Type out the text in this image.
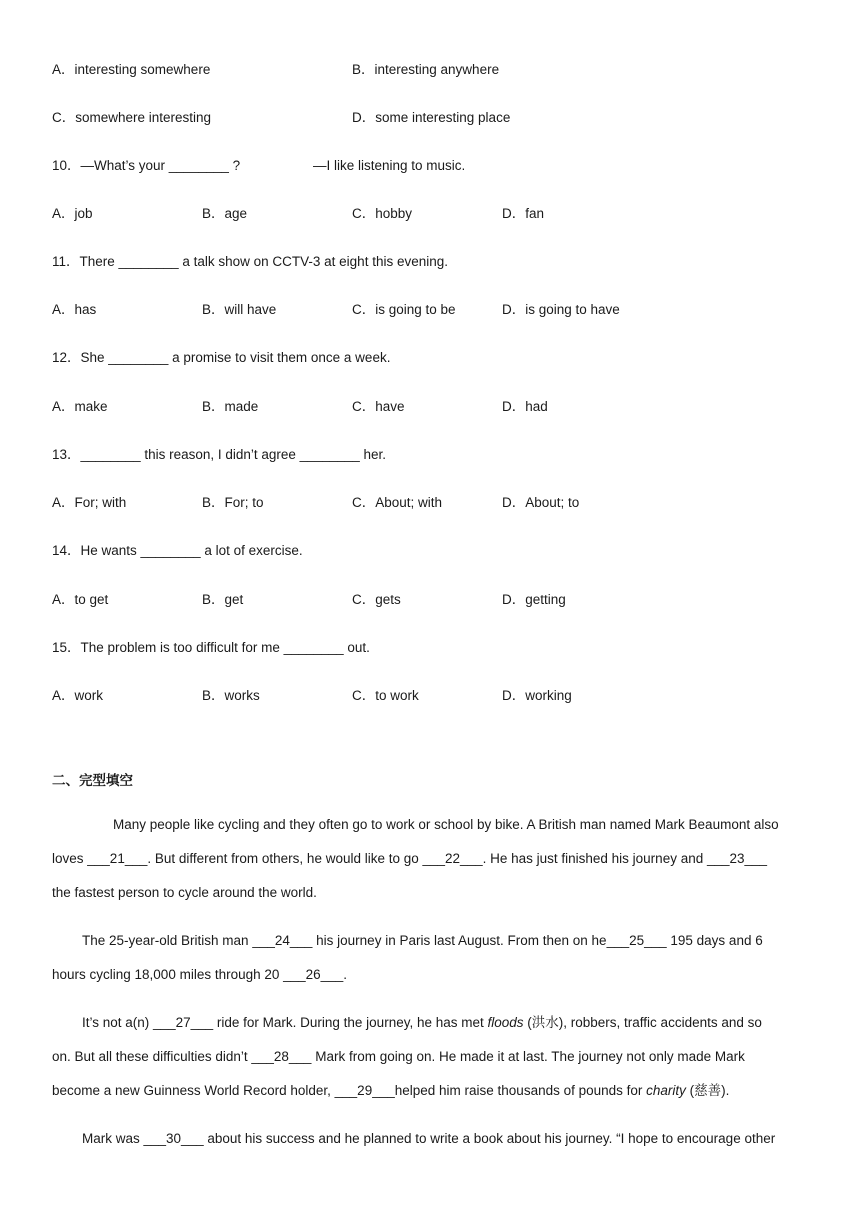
A．interesting somewhere	B．interesting anywhere
C．somewhere interesting	D．some interesting place
10．—What’s your ________ ?	—I like listening to music.
A．job	B．age	C．hobby	D．fan
11．There ________ a talk show on CCTV-3 at eight this evening.
A．has	B．will have	C．is going to be	D．is going to have
12．She ________ a promise to visit them once a week.
A．make	B．made	C．have	D．had
13．________ this reason, I didn’t agree ________ her.
A．For; with	B．For; to	C．About; with	D．About; to
14．He wants ________ a lot of exercise.
A．to get	B．get	C．gets	D．getting
15．The problem is too difficult for me ________ out.
A．work	B．works	C．to work	D．working
二、完型填空
Many people like cycling and they often go to work or school by bike. A British man named Mark Beaumont also
loves ___21___. But different from others, he would like to go ___22___. He has just finished his journey and ___23___
the fastest person to cycle around the world.
The 25-year-old British man ___24___ his journey in Paris last August. From then on he___25___ 195 days and 6
hours cycling 18,000 miles through 20 ___26___.
It’s not a(n) ___27___ ride for Mark. During the journey, he has met floods (洪水), robbers, traffic accidents and so
on. But all these difficulties didn’t ___28___ Mark from going on. He made it at last. The journey not only made Mark
become a new Guinness World Record holder, ___29___helped him raise thousands of pounds for charity (慈善).
Mark was ___30___ about his success and he planned to write a book about his journey. “I hope to encourage other
